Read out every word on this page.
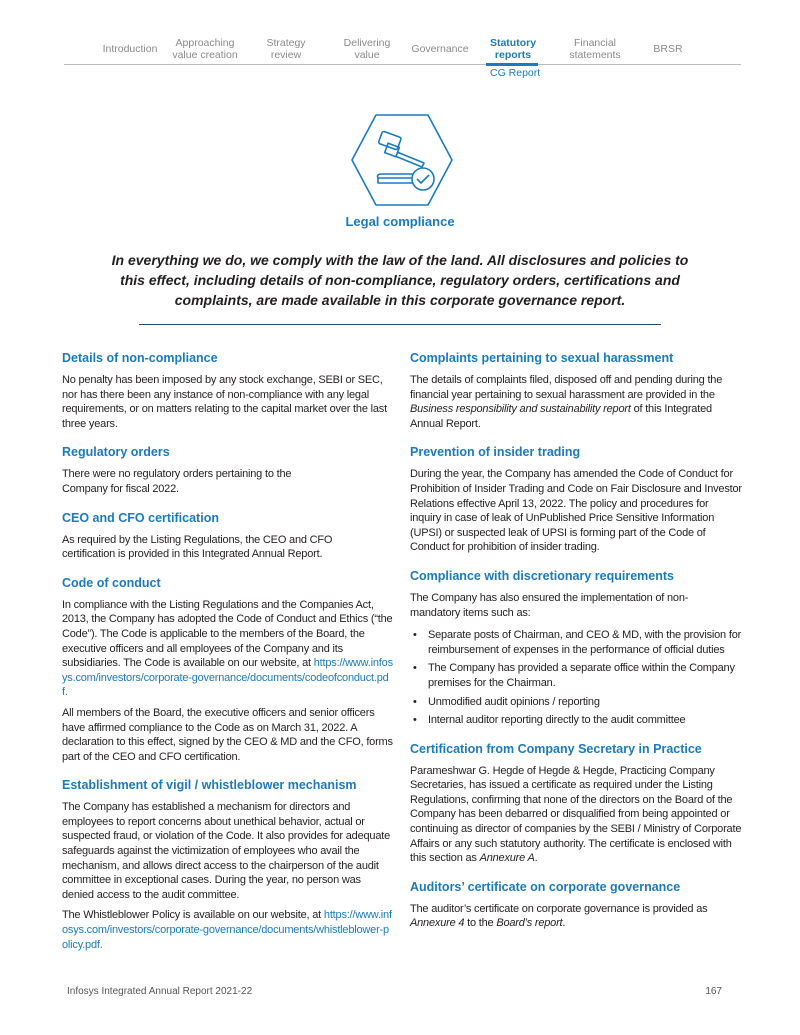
Introduction	Approaching
value creation
Strategy
review
Delivering
value	Governance Statutory
reports
Financial
statements	BRSR
CG Report
Legal compliance
In everything we do, we comply with the law of the land. All disclosures and policies to this effect, including details of non-compliance, regulatory orders, certifications and complaints, are made available in this corporate governance report.
Details of non-compliance

No penalty has been imposed by any stock exchange, SEBI or SEC, nor has there been any instance of non-compliance with any legal requirements, or on matters relating to the capital market over the last three years.

Regulatory orders

There were no regulatory orders pertaining to the Company for fiscal 2022.

CEO and CFO certification

As required by the Listing Regulations, the CEO and CFO certification is provided in this Integrated Annual Report.

Code of conduct

In compliance with the Listing Regulations and the Companies Act, 2013, the Company has adopted the Code of Conduct and Ethics (“the Code”). The Code is applicable to the members of the Board, the executive officers and all employees of the Company and its subsidiaries. The Code is available on our website, at https://www.infosys.com/investors/corporate-governance/documents/codeofconduct.pdf.

All members of the Board, the executive officers and senior officers have affirmed compliance to the Code as on March 31, 2022. A declaration to this effect, signed by the CEO & MD and the CFO, forms part of the CEO and CFO certification.

Establishment of vigil / whistleblower mechanism

The Company has established a mechanism for directors and employees to report concerns about unethical behavior, actual or suspected fraud, or violation of the Code. It also provides for adequate safeguards against the victimization of employees who avail the mechanism, and allows direct access to the chairperson of the audit committee in exceptional cases. During the year, no person was denied access to the audit committee.

The Whistleblower Policy is available on our website, at https://www.infosys.com/investors/corporate-governance/documents/whistleblower-policy.pdf.

Complaints pertaining to sexual harassment

The details of complaints filed, disposed off and pending during the financial year pertaining to sexual harassment are provided in the Business responsibility and sustainability report of this Integrated Annual Report.

Prevention of insider trading

During the year, the Company has amended the Code of Conduct for Prohibition of Insider Trading and Code on Fair Disclosure and Investor Relations effective April 13, 2022. The policy and procedures for inquiry in case of leak of UnPublished Price Sensitive Information (UPSI) or suspected leak of UPSI is forming part of the Code of Conduct for prohibition of insider trading.

Compliance with discretionary requirements

The Company has also ensured the implementation of non-mandatory items such as:

• Separate posts of Chairman, and CEO & MD, with the provision for reimbursement of expenses in the performance of official duties
• The Company has provided a separate office within the Company premises for the Chairman.
• Unmodified audit opinions / reporting
• Internal auditor reporting directly to the audit committee
Certification from Company Secretary in Practice

Parameshwar G. Hegde of Hegde & Hegde, Practicing Company Secretaries, has issued a certificate as required under the Listing Regulations, confirming that none of the directors on the Board of the Company has been debarred or disqualified from being appointed or continuing as director of companies by the SEBI / Ministry of Corporate Affairs or any such statutory authority. The certificate is enclosed with this section as Annexure A.

Auditors’ certificate on corporate governance

The auditor’s certificate on corporate governance is provided as Annexure 4 to the Board’s report.

Infosys Integrated Annual Report 2021-22	167
